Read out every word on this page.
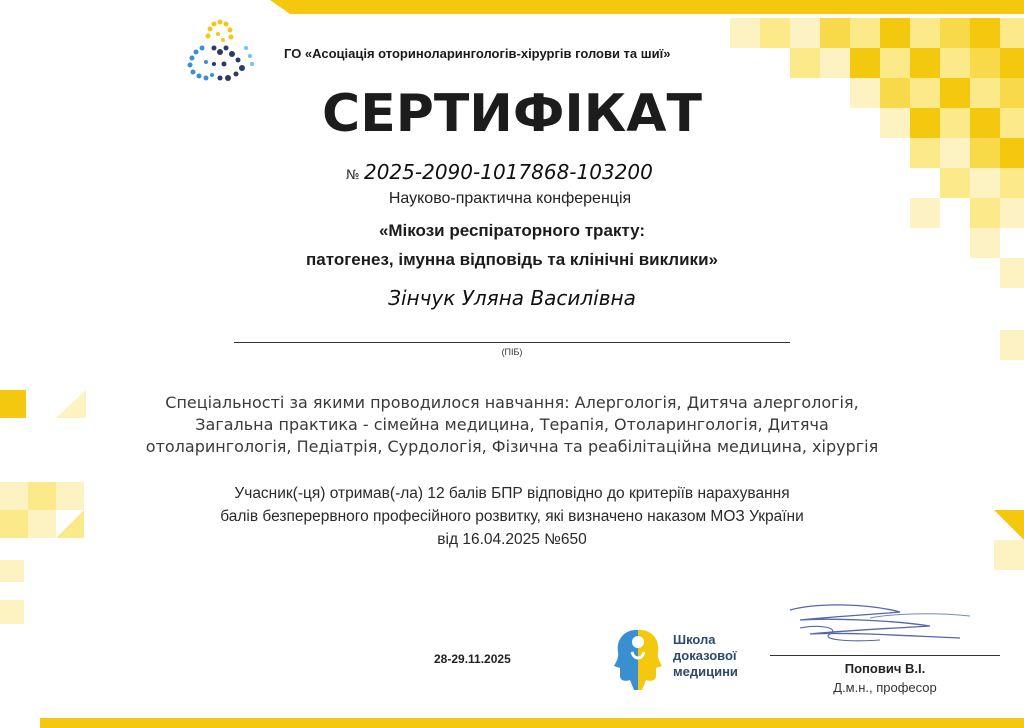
ГО «Асоціація оториноларингологів-хірургів голови та шиї»
СЕРТИФІКАТ
№ 2025-2090-1017868-103200
Науково-практична конференція
«Мікози респіраторного тракту:
патогенез, імунна відповідь та клінічні виклики»
Зінчук Уляна Василівна
(ПІБ)
Спеціальності за якими проводилося навчання: Алергологія, Дитяча алергологія,
Загальна практика - сімейна медицина, Терапія, Отоларингологія, Дитяча
отоларингологія, Педіатрія, Сурдологія, Фізична та реабілітаційна медицина, хірургія
Учасник(-ця) отримав(-ла) 12 балів БПР відповідно до критеріїв нарахування
балів безперервного професійного розвитку, які визначено наказом МОЗ України
від 16.04.2025 №650
28-29.11.2025
Школа
доказової
медицини	Попович В.І.
Д.м.н., професор
